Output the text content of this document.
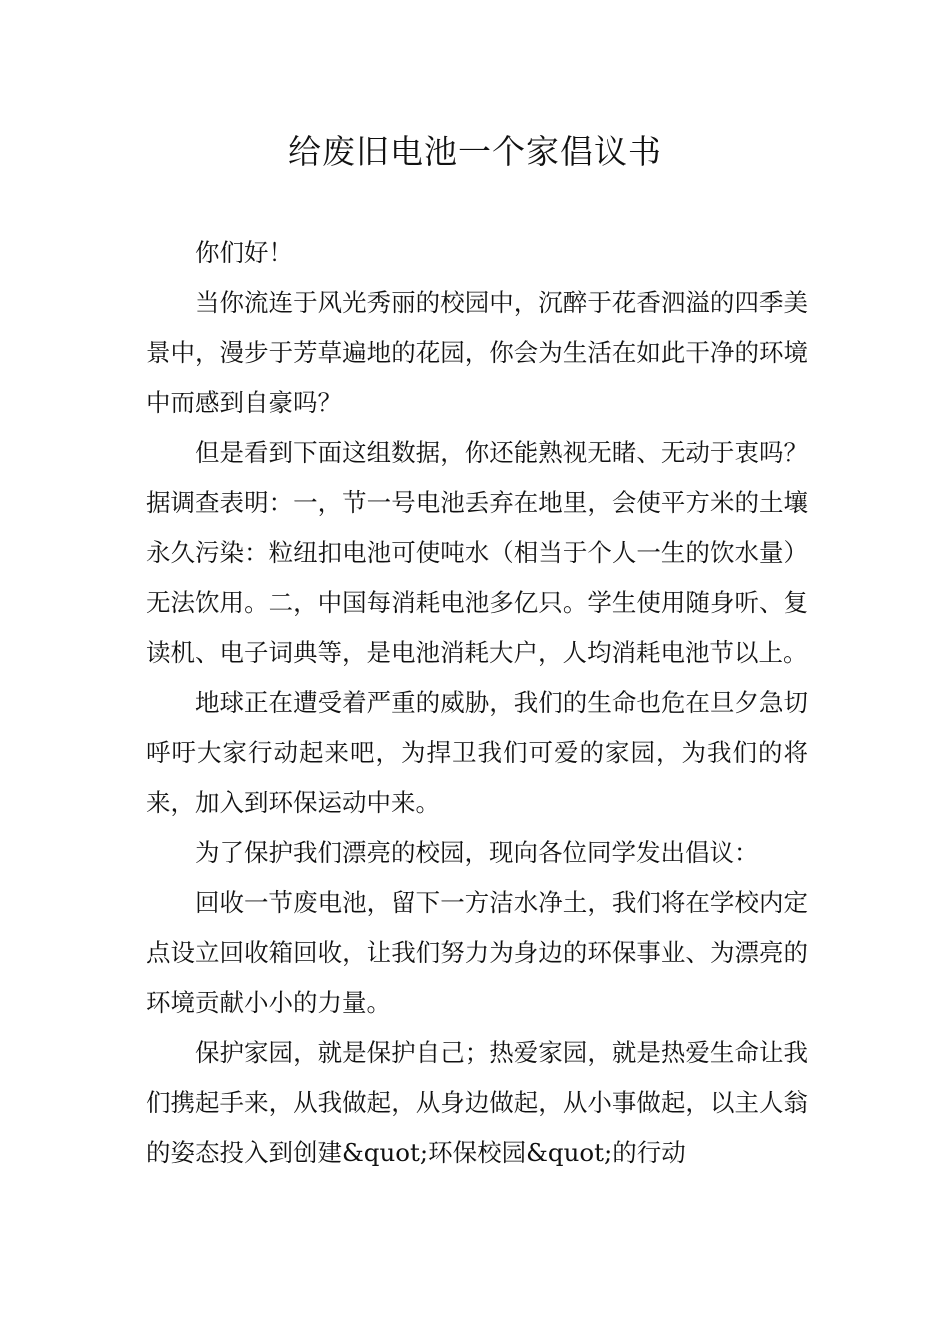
给废旧电池一个家倡议书

你们好！

当你流连于风光秀丽的校园中，沉醉于花香泗溢的四季美景中，漫步于芳草遍地的花园，你会为生活在如此干净的环境中而感到自豪吗？

但是看到下面这组数据，你还能熟视无睹、无动于衷吗？据调查表明：一，节一号电池丢弃在地里，会使平方米的土壤永久污染：粒纽扣电池可使吨水（相当于个人一生的饮水量）无法饮用。二，中国每消耗电池多亿只。学生使用随身听、复读机、电子词典等，是电池消耗大户，人均消耗电池节以上。

地球正在遭受着严重的威胁，我们的生命也危在旦夕急切呼吁大家行动起来吧，为捍卫我们可爱的家园，为我们的将来，加入到环保运动中来。

为了保护我们漂亮的校园，现向各位同学发出倡议：

回收一节废电池，留下一方洁水净土，我们将在学校内定点设立回收箱回收，让我们努力为身边的环保事业、为漂亮的环境贡献小小的力量。

保护家园，就是保护自己；热爱家园，就是热爱生命让我们携起手来，从我做起，从身边做起，从小事做起，以主人翁的姿态投入到创建&quot;环保校园&quot;的行动
